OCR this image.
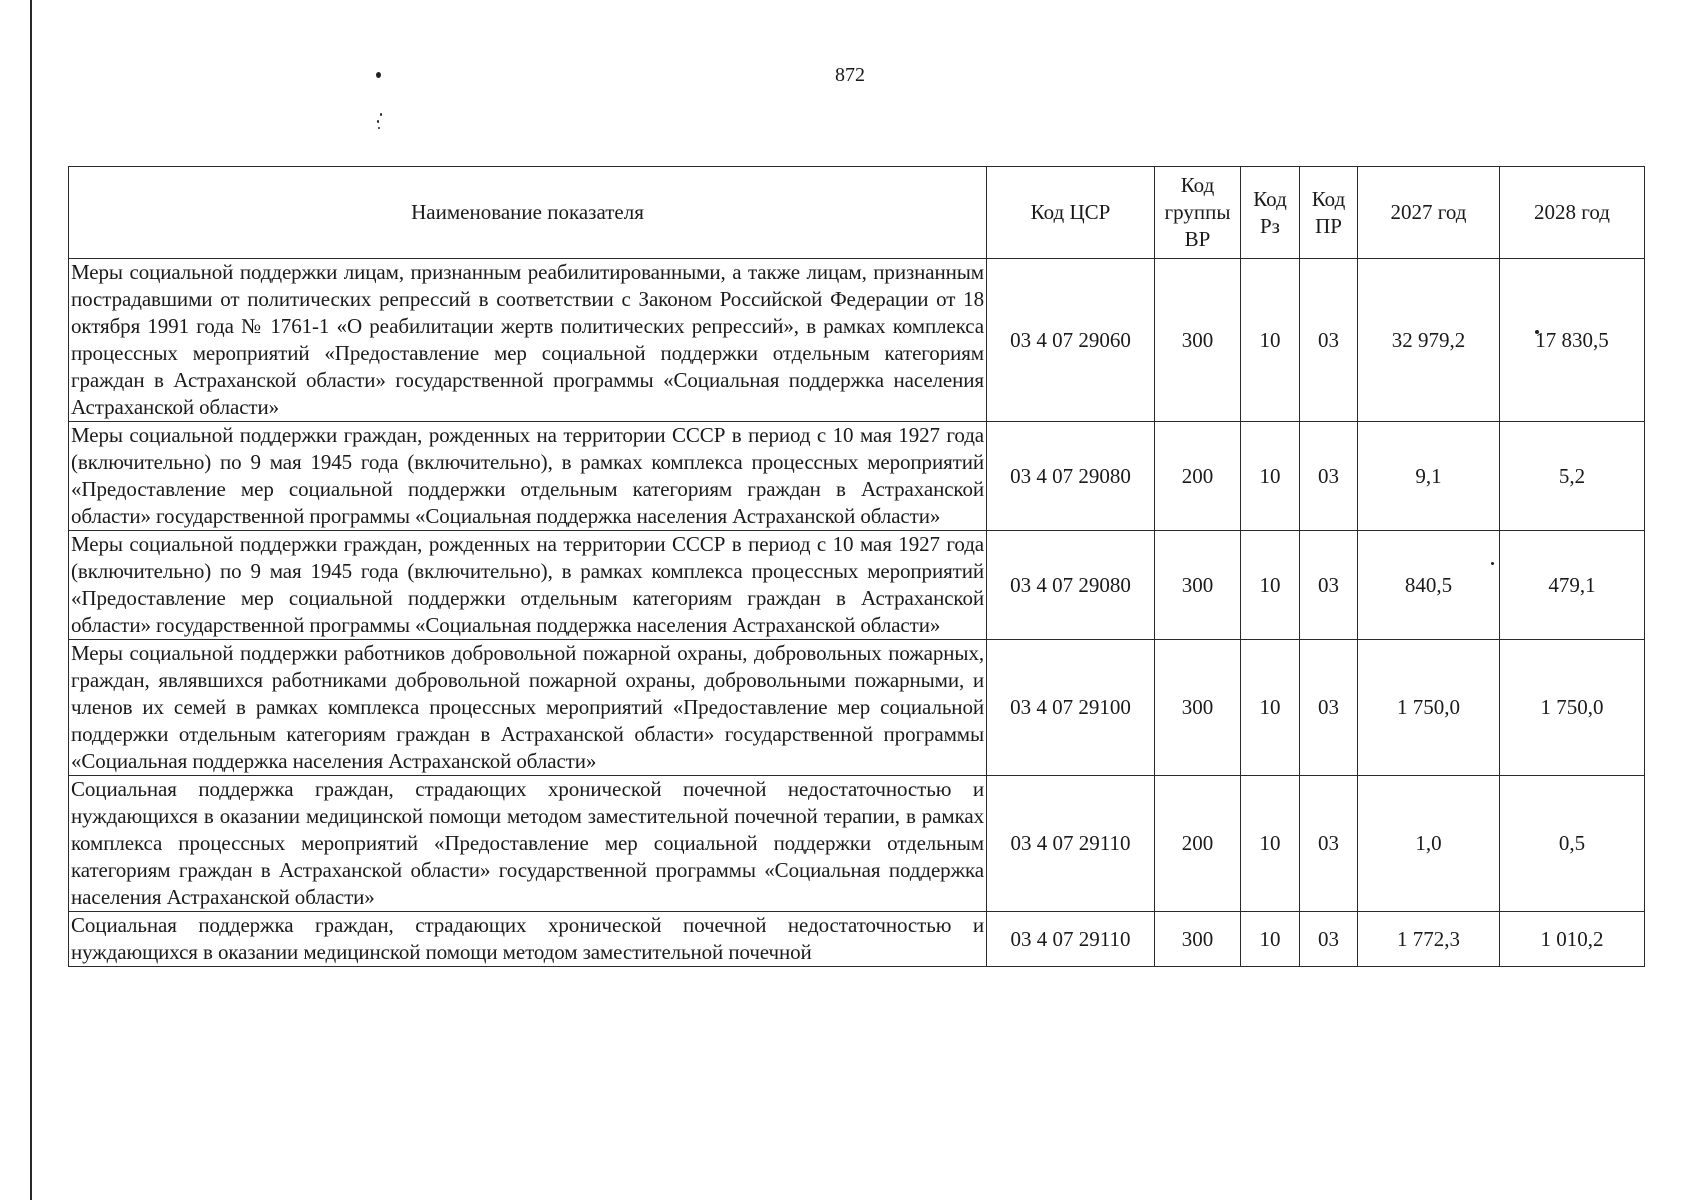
872
Наименование показателя	Код ЦСР	Код группы ВР	Код Рз	Код ПР	2027 год	2028 год
Меры социальной поддержки лицам, признанным реабилитированными, а также лицам, признанным пострадавшими от политических репрессий в соответствии с Законом Российской Федерации от 18 октября 1991 года № 1761-1 «О реабилитации жертв политических репрессий», в рамках комплекса процессных мероприятий «Предоставление мер социальной поддержки отдельным категориям граждан в Астраханской области» государственной программы «Социальная поддержка населения Астраханской области»	03 4 07 29060	300	10	03	32 979,2	17 830,5
Меры социальной поддержки граждан, рожденных на территории СССР в период с 10 мая 1927 года (включительно) по 9 мая 1945 года (включительно), в рамках комплекса процессных мероприятий «Предоставление мер социальной поддержки отдельным категориям граждан в Астраханской области» государственной программы «Социальная поддержка населения Астраханской области»	03 4 07 29080	200	10	03	9,1	5,2
Меры социальной поддержки граждан, рожденных на территории СССР в период с 10 мая 1927 года (включительно) по 9 мая 1945 года (включительно), в рамках комплекса процессных мероприятий «Предоставление мер социальной поддержки отдельным категориям граждан в Астраханской области» государственной программы «Социальная поддержка населения Астраханской области»	03 4 07 29080	300	10	03	840,5	479,1
Меры социальной поддержки работников добровольной пожарной охраны, добровольных пожарных, граждан, являвшихся работниками добровольной пожарной охраны, добровольными пожарными, и членов их семей в рамках комплекса процессных мероприятий «Предоставление мер социальной поддержки отдельным категориям граждан в Астраханской области» государственной программы «Социальная поддержка населения Астраханской области»	03 4 07 29100	300	10	03	1 750,0	1 750,0
Социальная поддержка граждан, страдающих хронической почечной недостаточностью и нуждающихся в оказании медицинской помощи методом заместительной почечной терапии, в рамках комплекса процессных мероприятий «Предоставление мер социальной поддержки отдельным категориям граждан в Астраханской области» государственной программы «Социальная поддержка населения Астраханской области»	03 4 07 29110	200	10	03	1,0	0,5
Социальная поддержка граждан, страдающих хронической почечной недостаточностью и нуждающихся в оказании медицинской помощи методом заместительной почечной	03 4 07 29110	300	10	03	1 772,3	1 010,2
